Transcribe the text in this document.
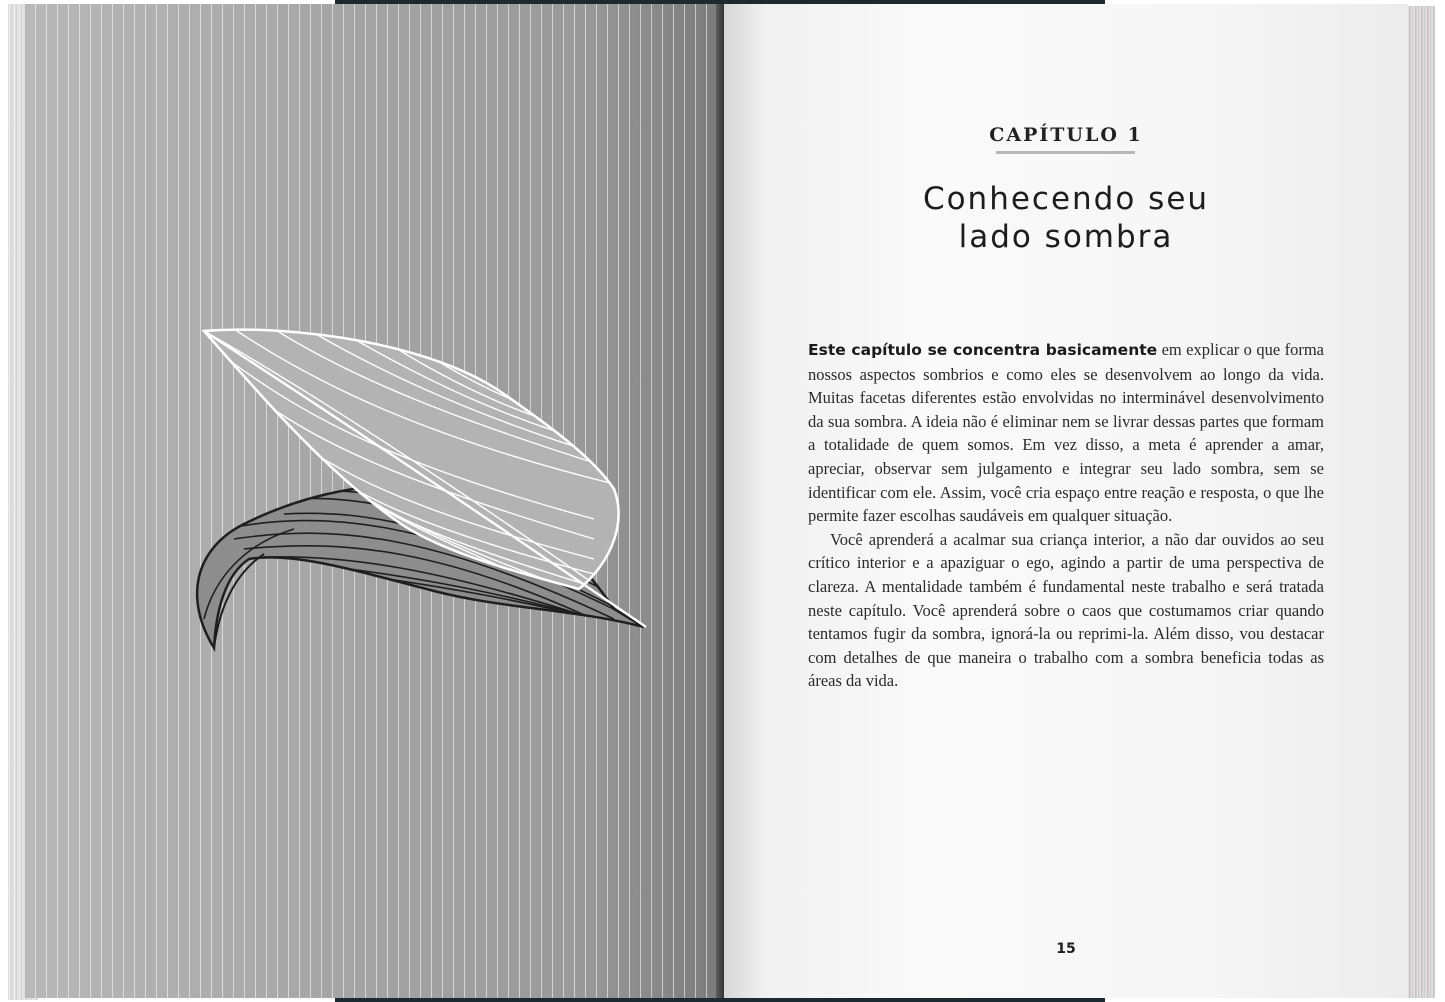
CAPÍTULO 1
Conhecendo seu
lado sombra

Este capítulo se concentra basicamente em explicar o que forma nossos aspectos sombrios e como eles se desenvolvem ao longo da vida. Muitas facetas diferentes estão envolvidas no interminável desenvolvimento da sua sombra. A ideia não é eliminar nem se livrar dessas partes que formam a totalidade de quem somos. Em vez disso, a meta é aprender a amar, apreciar, observar sem julgamento e integrar seu lado sombra, sem se identificar com ele. Assim, você cria espaço entre reação e resposta, o que lhe permite fazer escolhas saudáveis em qualquer situação.

Você aprenderá a acalmar sua criança interior, a não dar ouvidos ao seu crítico interior e a apaziguar o ego, agindo a partir de uma perspectiva de clareza. A mentalidade também é fundamental neste trabalho e será tratada neste capítulo. Você aprenderá sobre o caos que costumamos criar quando tentamos fugir da sombra, ignorá-la ou reprimi-la. Além disso, vou destacar com detalhes de que maneira o trabalho com a sombra beneficia todas as áreas da vida.

15
